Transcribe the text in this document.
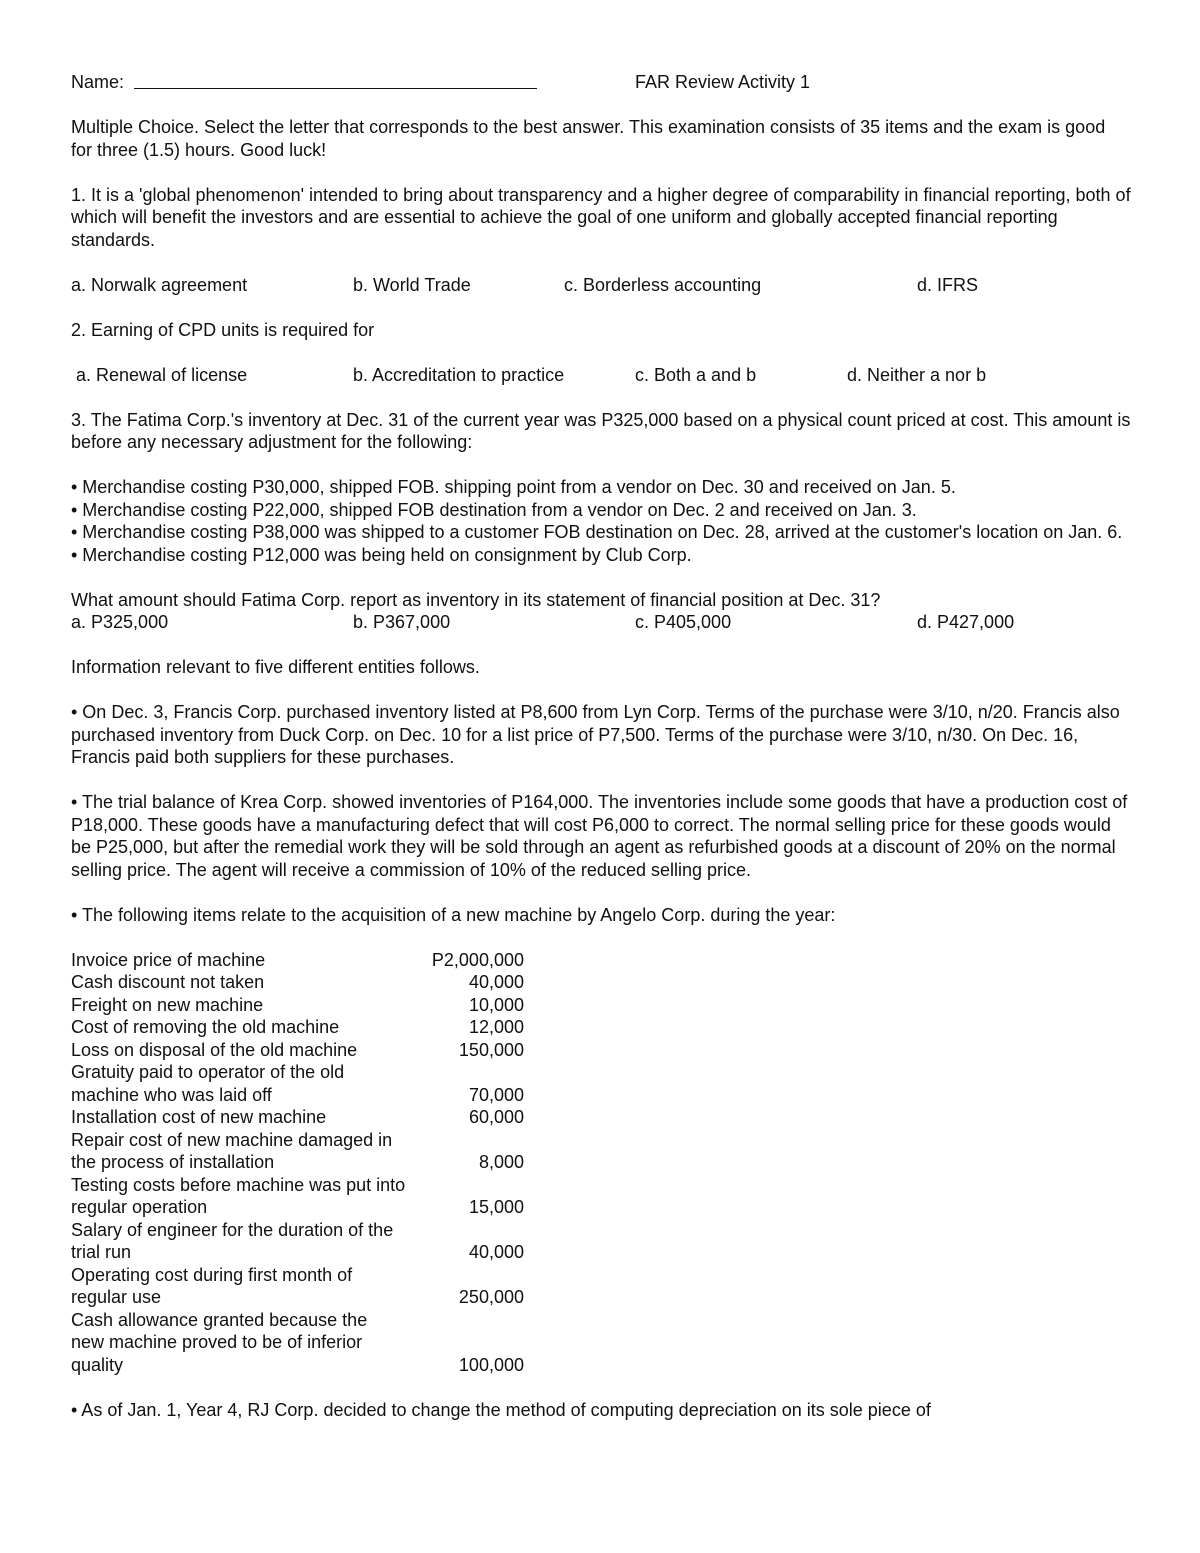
Name:	FAR Review Activity 1

Multiple Choice. Select the letter that corresponds to the best answer. This examination consists of 35 items and the exam is good for three (1.5) hours. Good luck!

1. It is a 'global phenomenon' intended to bring about transparency and a higher degree of comparability in financial reporting, both of which will benefit the investors and are essential to achieve the goal of one uniform and globally accepted financial reporting standards.

a. Norwalk agreement	b. World Trade	c. Borderless accounting	d. IFRS

2. Earning of CPD units is required for

a. Renewal of license	b. Accreditation to practice	c. Both a and b	d. Neither a nor b

3. The Fatima Corp.'s inventory at Dec. 31 of the current year was P325,000 based on a physical count priced at cost. This amount is before any necessary adjustment for the following:

• Merchandise costing P30,000, shipped FOB. shipping point from a vendor on Dec. 30 and received on Jan. 5.

• Merchandise costing P22,000, shipped FOB destination from a vendor on Dec. 2 and received on Jan. 3.

• Merchandise costing P38,000 was shipped to a customer FOB destination on Dec. 28, arrived at the customer's location on Jan. 6.

• Merchandise costing P12,000 was being held on consignment by Club Corp.

What amount should Fatima Corp. report as inventory in its statement of financial position at Dec. 31?

a. P325,000	b. P367,000	c. P405,000	d. P427,000

Information relevant to five different entities follows.

• On Dec. 3, Francis Corp. purchased inventory listed at P8,600 from Lyn Corp. Terms of the purchase were 3/10, n/20. Francis also purchased inventory from Duck Corp. on Dec. 10 for a list price of P7,500. Terms of the purchase were 3/10, n/30. On Dec. 16, Francis paid both suppliers for these purchases.

• The trial balance of Krea Corp. showed inventories of P164,000. The inventories include some goods that have a production cost of P18,000. These goods have a manufacturing defect that will cost P6,000 to correct. The normal selling price for these goods would be P25,000, but after the remedial work they will be sold through an agent as refurbished goods at a discount of 20% on the normal selling price. The agent will receive a commission of 10% of the reduced selling price.

• The following items relate to the acquisition of a new machine by Angelo Corp. during the year:

Invoice price of machine	P2,000,000
Cash discount not taken	40,000
Freight on new machine	10,000
Cost of removing the old machine	12,000
Loss on disposal of the old machine	150,000
Gratuity paid to operator of the old machine who was laid off	70,000
Installation cost of new machine	60,000
Repair cost of new machine damaged in the process of installation	8,000
Testing costs before machine was put into regular operation	15,000
Salary of engineer for the duration of the trial run	40,000
Operating cost during first month of regular use	250,000
Cash allowance granted because the new machine proved to be of inferior quality	100,000

• As of Jan. 1, Year 4, RJ Corp. decided to change the method of computing depreciation on its sole piece of
